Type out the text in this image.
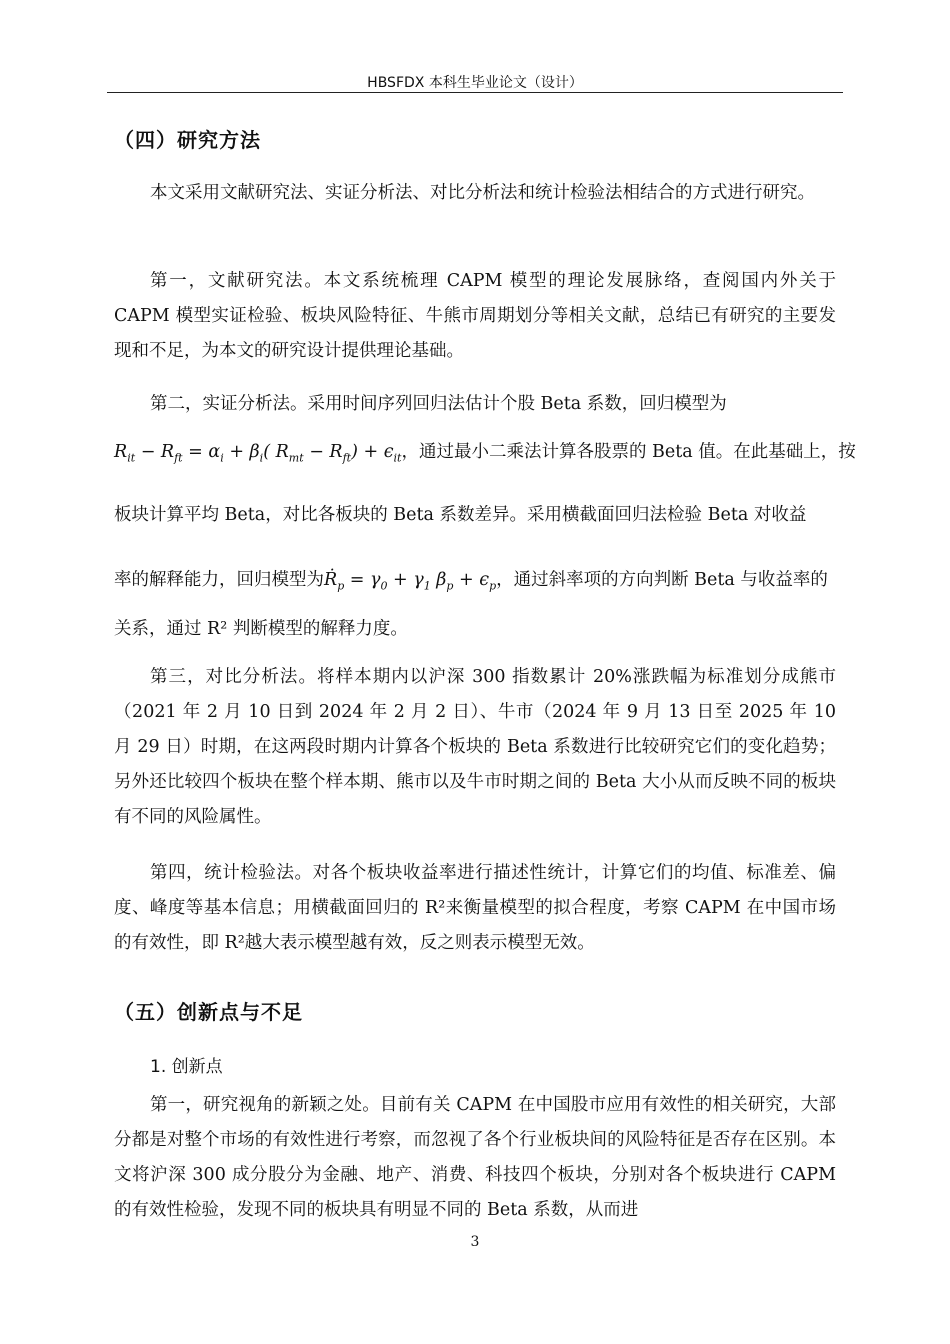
HBSFDX 本科生毕业论文（设计）
（四）研究方法

本文采用文献研究法、实证分析法、对比分析法和统计检验法相结合的方式进行研究。

第一，文献研究法。本文系统梳理 CAPM 模型的理论发展脉络，查阅国内外关于 CAPM 模型实证检验、板块风险特征、牛熊市周期划分等相关文献，总结已有研究的主要发现和不足，为本文的研究设计提供理论基础。

第二，实证分析法。采用时间序列回归法估计个股 Beta 系数，回归模型为
$R_{it} - R_{ft} = \alpha_i + \beta_i$( $R_{mt} - R_{ft}) + \epsilon_{it}$，通过最小二乘法计算各股票的 Beta 值。在此基础上，按
板块计算平均 Beta，对比各板块的 Beta 系数差异。采用横截面回归法检验 Beta 对收益
率的解释能力，回归模型为Ṙ$_p$ = $\gamma_0 + \gamma_1$ $\beta_p + \epsilon_p$，通过斜率项的方向判断 Beta 与收益率的
关系，通过 R² 判断模型的解释力度。

第三，对比分析法。将样本期内以沪深 300 指数累计 20%涨跌幅为标准划分成熊市（2021 年 2 月 10 日到 2024 年 2 月 2 日）、牛市（2024 年 9 月 13 日至 2025 年 10 月 29 日）时期，在这两段时期内计算各个板块的 Beta 系数进行比较研究它们的变化趋势；另外还比较四个板块在整个样本期、熊市以及牛市时期之间的 Beta 大小从而反映不同的板块有不同的风险属性。

第四，统计检验法。对各个板块收益率进行描述性统计，计算它们的均值、标准差、偏度、峰度等基本信息；用横截面回归的 R²来衡量模型的拟合程度，考察 CAPM 在中国市场的有效性，即 R²越大表示模型越有效，反之则表示模型无效。

（五）创新点与不足
1. 创新点

第一，研究视角的新颖之处。目前有关 CAPM 在中国股市应用有效性的相关研究，大部分都是对整个市场的有效性进行考察，而忽视了各个行业板块间的风险特征是否存在区别。本文将沪深 300 成分股分为金融、地产、消费、科技四个板块，分别对各个板块进行 CAPM 的有效性检验，发现不同的板块具有明显不同的 Beta 系数，从而进

3
